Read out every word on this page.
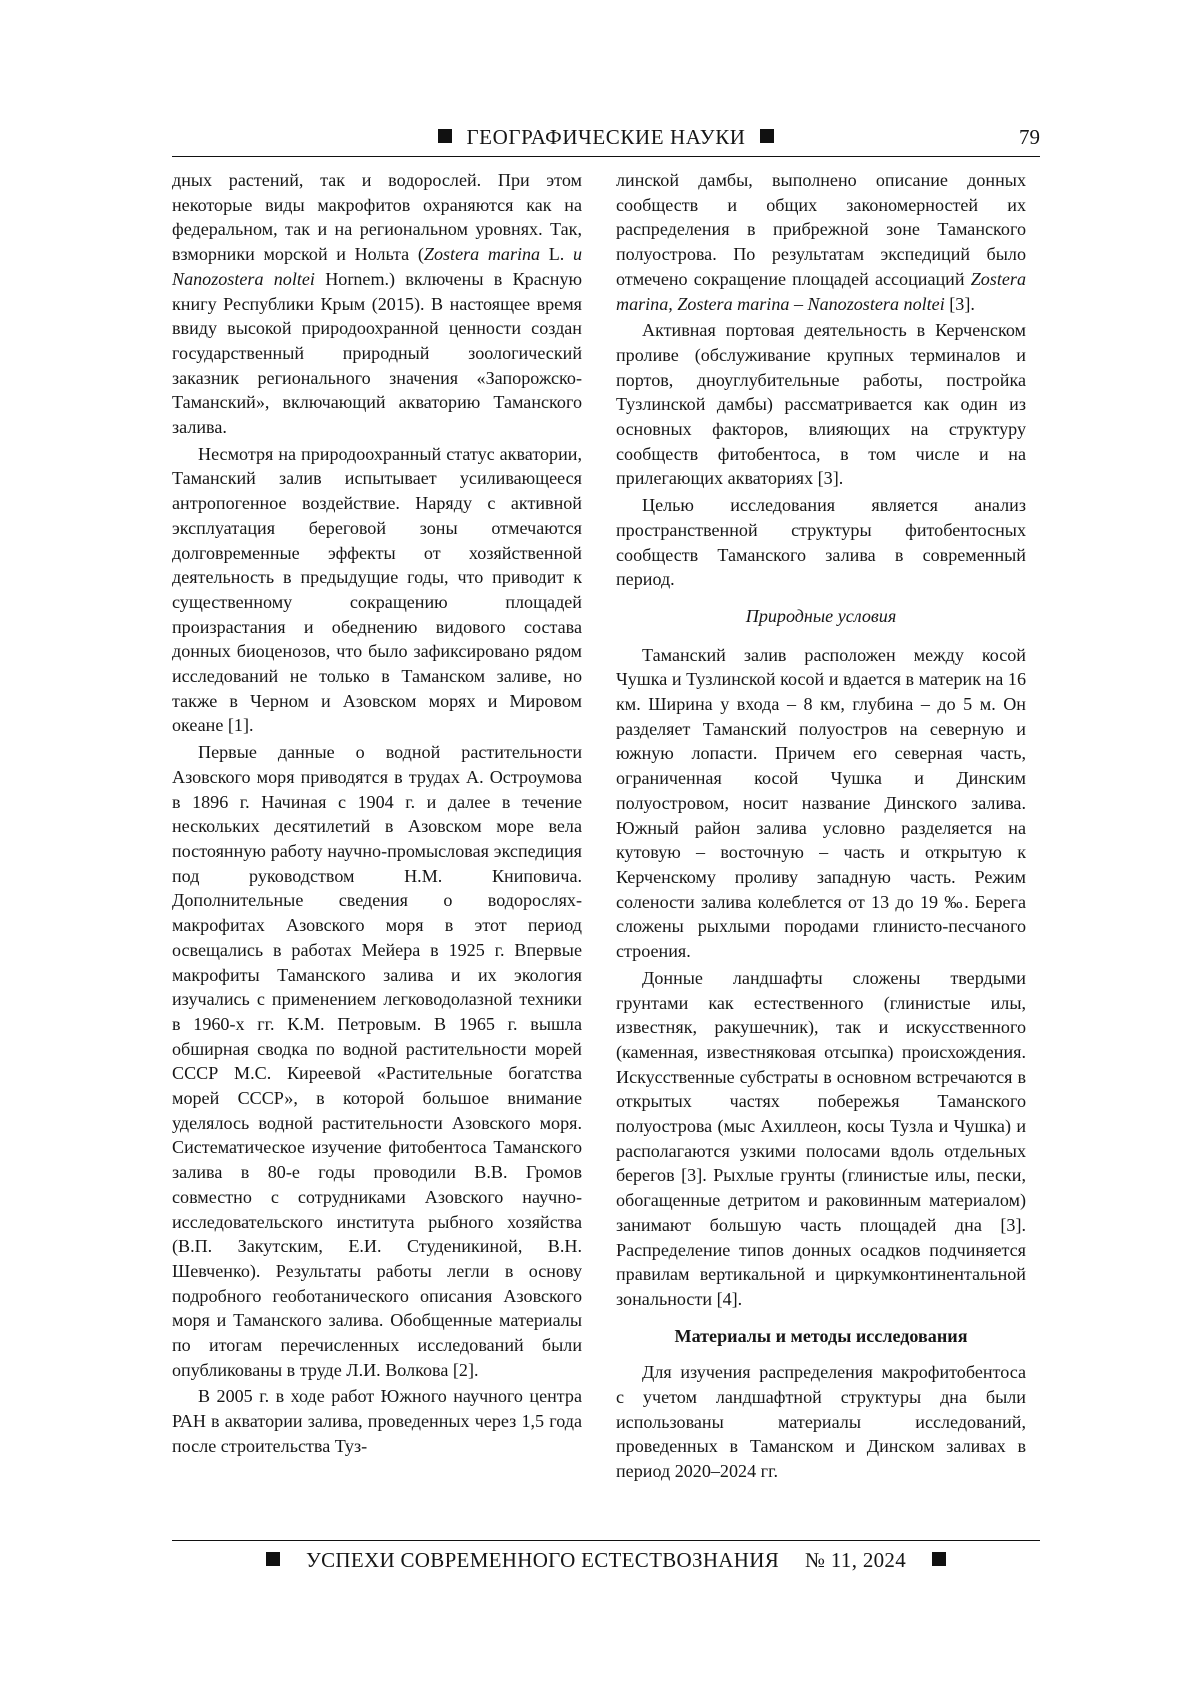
ГЕОГРАФИЧЕСКИЕ НАУКИ	79

дных растений, так и водорослей. При этом некоторые виды макрофитов охраняются как на федеральном, так и на региональном уровнях. Так, взморники морской и Нольта (Zostera marina L. и Nanozostera noltei Hornem.) включены в Красную книгу Республики Крым (2015). В настоящее время ввиду высокой природоохранной ценности создан государственный природный зоологический заказник регионального значения «Запорожско-Таманский», включающий акваторию Таманского залива.

Несмотря на природоохранный статус акватории, Таманский залив испытывает усиливающееся антропогенное воздействие. Наряду с активной эксплуатация береговой зоны отмечаются долговременные эффекты от хозяйственной деятельность в предыдущие годы, что приводит к существенному сокращению площадей произрастания и обеднению видового состава донных биоценозов, что было зафиксировано рядом исследований не только в Таманском заливе, но также в Черном и Азовском морях и Мировом океане [1].

Первые данные о водной растительности Азовского моря приводятся в трудах А. Остроумова в 1896 г. Начиная с 1904 г. и далее в течение нескольких десятилетий в Азовском море вела постоянную работу научно-промысловая экспедиция под руководством Н.М. Книповича. Дополнительные сведения о водорослях-макрофитах Азовского моря в этот период освещались в работах Мейера в 1925 г. Впервые макрофиты Таманского залива и их экология изучались с применением легководолазной техники в 1960-х гг. К.М. Петровым. В 1965 г. вышла обширная сводка по водной растительности морей СССР М.С. Киреевой «Растительные богатства морей СССР», в которой большое внимание уделялось водной растительности Азовского моря. Систематическое изучение фитобентоса Таманского залива в 80-е годы проводили В.В. Громов совместно с сотрудниками Азовского научно-исследовательского института рыбного хозяйства (В.П. Закутским, Е.И. Студеникиной, В.Н. Шевченко). Результаты работы легли в основу подробного геоботанического описания Азовского моря и Таманского залива. Обобщенные материалы по итогам перечисленных исследований были опубликованы в труде Л.И. Волкова [2].

В 2005 г. в ходе работ Южного научного центра РАН в акватории залива, проведенных через 1,5 года после строительства Туз-

линской дамбы, выполнено описание донных сообществ и общих закономерностей их распределения в прибрежной зоне Таманского полуострова. По результатам экспедиций было отмечено сокращение площадей ассоциаций Zostera marina, Zostera marina – Nanozostera noltei [3].

Активная портовая деятельность в Керченском проливе (обслуживание крупных терминалов и портов, дноуглубительные работы, постройка Тузлинской дамбы) рассматривается как один из основных факторов, влияющих на структуру сообществ фитобентоса, в том числе и на прилегающих акваториях [3].

Целью исследования является анализ пространственной структуры фитобентосных сообществ Таманского залива в современный период.

Природные условия

Таманский залив расположен между косой Чушка и Тузлинской косой и вдается в материк на 16 км. Ширина у входа – 8 км, глубина – до 5 м. Он разделяет Таманский полуостров на северную и южную лопасти. Причем его северная часть, ограниченная косой Чушка и Динским полуостровом, носит название Динского залива. Южный район залива условно разделяется на кутовую – восточную – часть и открытую к Керченскому проливу западную часть. Режим солености залива колеблется от 13 до 19 ‰. Берега сложены рыхлыми породами глинисто-песчаного строения.

Донные ландшафты сложены твердыми грунтами как естественного (глинистые илы, известняк, ракушечник), так и искусственного (каменная, известняковая отсыпка) происхождения. Искусственные субстраты в основном встречаются в открытых частях побережья Таманского полуострова (мыс Ахиллеон, косы Тузла и Чушка) и располагаются узкими полосами вдоль отдельных берегов [3]. Рыхлые грунты (глинистые илы, пески, обогащенные детритом и раковинным материалом) занимают большую часть площадей дна [3]. Распределение типов донных осадков подчиняется правилам вертикальной и циркумконтинентальной зональности [4].

Материалы и методы исследования

Для изучения распределения макрофитобентоса с учетом ландшафтной структуры дна были использованы материалы исследований, проведенных в Таманском и Динском заливах в период 2020–2024 гг.

УСПЕХИ СОВРЕМЕННОГО ЕСТЕСТВОЗНАНИЯ № 11, 2024
